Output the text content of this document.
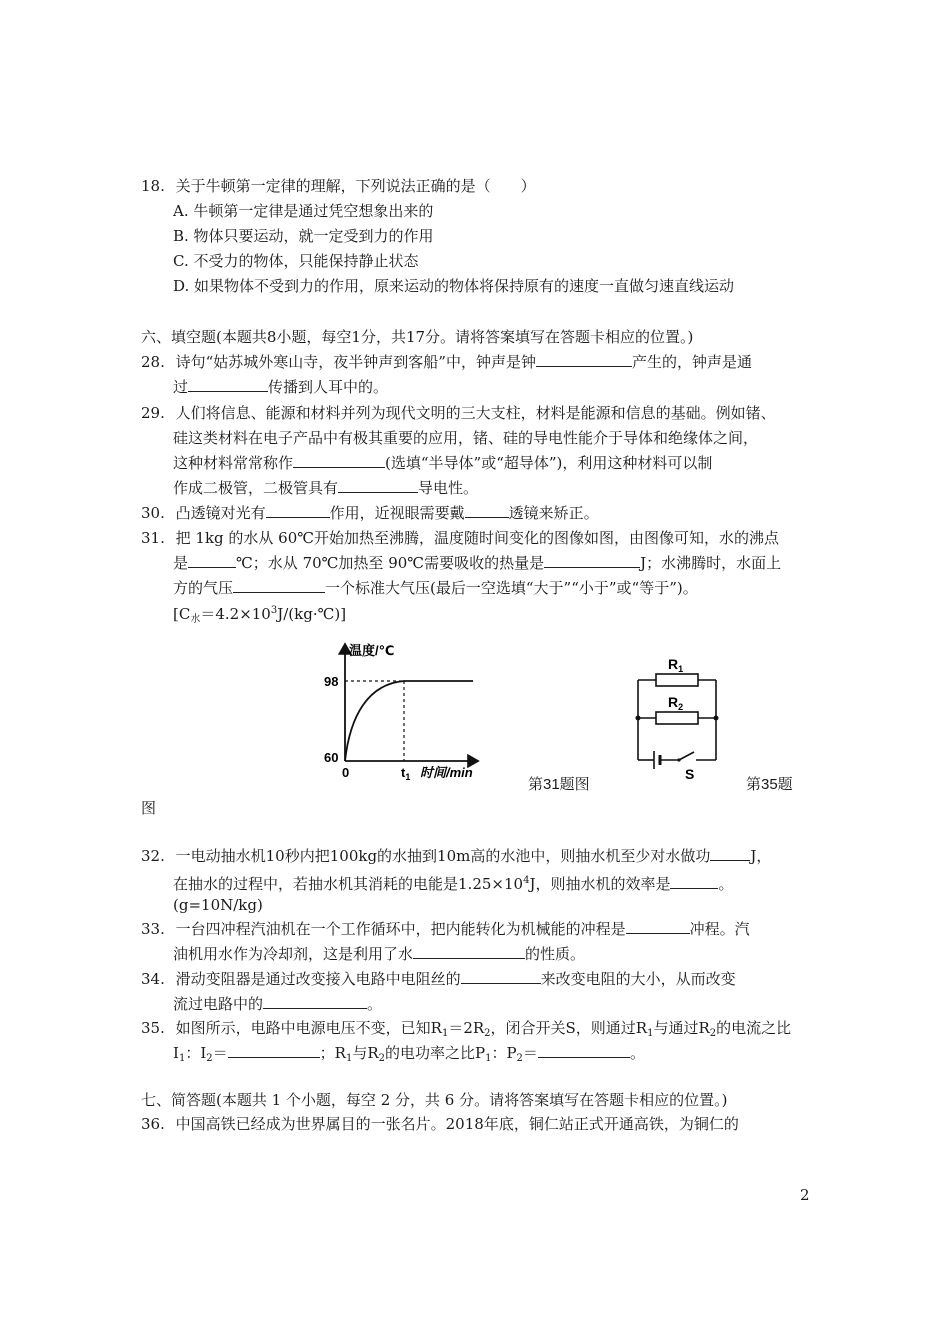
18. 关于牛顿第一定律的理解，下列说法正确的是（　　）
A. 牛顿第一定律是通过凭空想象出来的
B. 物体只要运动，就一定受到力的作用
C. 不受力的物体，只能保持静止状态
D. 如果物体不受到力的作用，原来运动的物体将保持原有的速度一直做匀速直线运动
六、填空题(本题共8小题，每空1分，共17分。请将答案填写在答题卡相应的位置。)
28. 诗句“姑苏城外寒山寺，夜半钟声到客船”中，钟声是钟	产生的，钟声是通
过	传播到人耳中的。
29. 人们将信息、能源和材料并列为现代文明的三大支柱，材料是能源和信息的基础。例如锗、
硅这类材料在电子产品中有极其重要的应用，锗、硅的导电性能介于导体和绝缘体之间，
这种材料常常称作	(选填“半导体”或“超导体”)，利用这种材料可以制
作成二极管，二极管具有	导电性。
30. 凸透镜对光有	作用，近视眼需要戴	透镜来矫正。
31. 把 1kg 的水从 60℃开始加热至沸腾，温度随时间变化的图像如图，由图像可知，水的沸点
是	℃；水从 70℃加热至 90℃需要吸收的热量是	J；水沸腾时，水面上
方的气压	一个标准大气压(最后一空选填“大于”“小于”或“等于”)。
$[C_水=4.2\times 10^3J/(kg\cdot℃)]$
温度/℃
98
60
0	$t_1$ 时间/min
第31题图
$R_1$
$R_2$
S
第35题
图
32. 一电动抽水机10秒内把100kg的水抽到10m高的水池中，则抽水机至少对水做功	J，
在抽水的过程中，若抽水机其消耗的电能是$1.25\times 10^4J$，则抽水机的效率是	。
(g=10N/kg)
33. 一台四冲程汽油机在一个工作循环中，把内能转化为机械能的冲程是	冲程。汽
油机用水作为冷却剂，这是利用了水	的性质。
34. 滑动变阻器是通过改变接入电路中电阻丝的	来改变电阻的大小，从而改变
流过电路中的	。
35. 如图所示，电路中电源电压不变，已知$R_1=2R_2$，闭合开关S，则通过$R_1$与通过$R_2$的电流之比
$I_1$：$I_2=$	；$R_1$与$R_2$的电功率之比$P_1$：$P_2=$	。
七、简答题(本题共 1 个小题，每空 2 分，共 6 分。请将答案填写在答题卡相应的位置。)
36. 中国高铁已经成为世界属目的一张名片。2018年底，铜仁站正式开通高铁，为铜仁的
2
